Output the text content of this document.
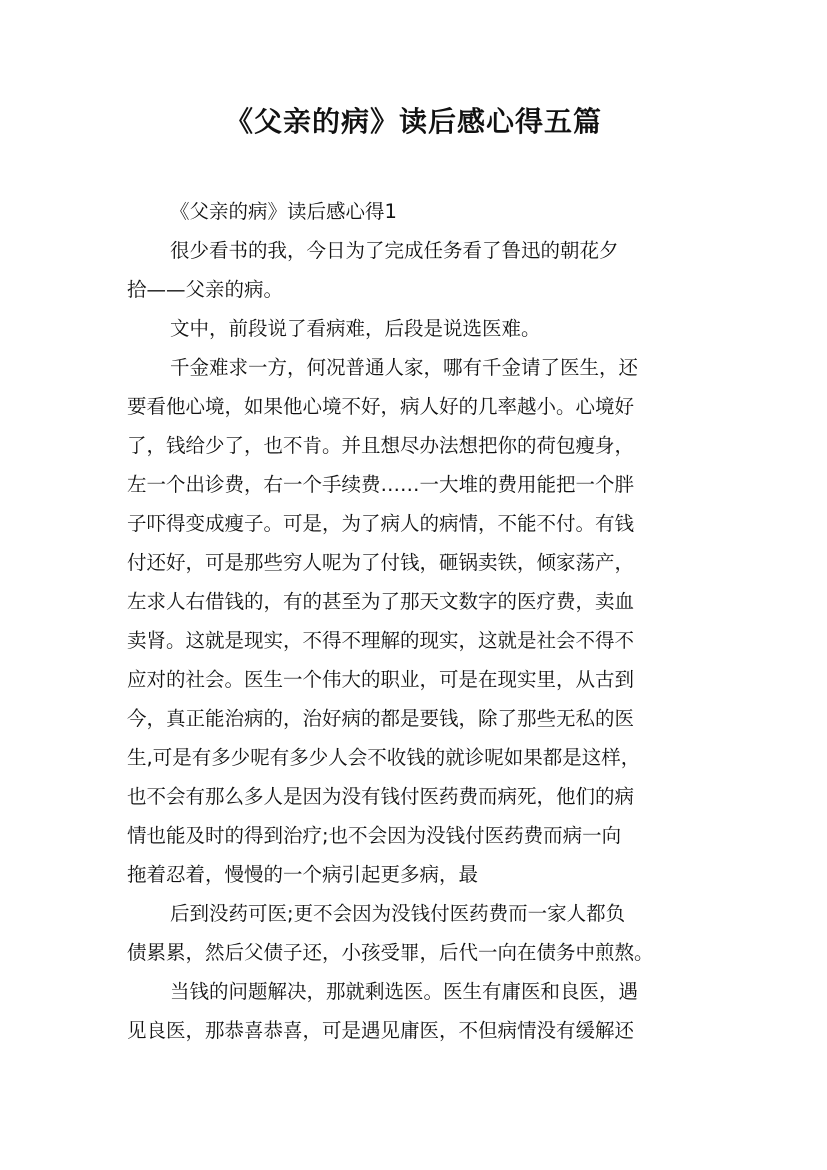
《父亲的病》读后感心得五篇

《父亲的病》读后感心得1

很少看书的我，今日为了完成任务看了鲁迅的朝花夕

拾——父亲的病。

文中，前段说了看病难，后段是说选医难。

千金难求一方，何况普通人家，哪有千金请了医生，还

要看他心境，如果他心境不好，病人好的几率越小。心境好

了，钱给少了，也不肯。并且想尽办法想把你的荷包瘦身，

左一个出诊费，右一个手续费……一大堆的费用能把一个胖

子吓得变成瘦子。可是，为了病人的病情，不能不付。有钱

付还好，可是那些穷人呢为了付钱，砸锅卖铁，倾家荡产，

左求人右借钱的，有的甚至为了那天文数字的医疗费，卖血

卖肾。这就是现实，不得不理解的现实，这就是社会不得不

应对的社会。医生一个伟大的职业，可是在现实里，从古到

今，真正能治病的，治好病的都是要钱，除了那些无私的医

生,可是有多少呢有多少人会不收钱的就诊呢如果都是这样，

也不会有那么多人是因为没有钱付医药费而病死，他们的病

情也能及时的得到治疗;也不会因为没钱付医药费而病一向

拖着忍着，慢慢的一个病引起更多病，最

后到没药可医;更不会因为没钱付医药费而一家人都负

债累累，然后父债子还，小孩受罪，后代一向在债务中煎熬。

当钱的问题解决，那就剩选医。医生有庸医和良医，遇

见良医，那恭喜恭喜，可是遇见庸医，不但病情没有缓解还
